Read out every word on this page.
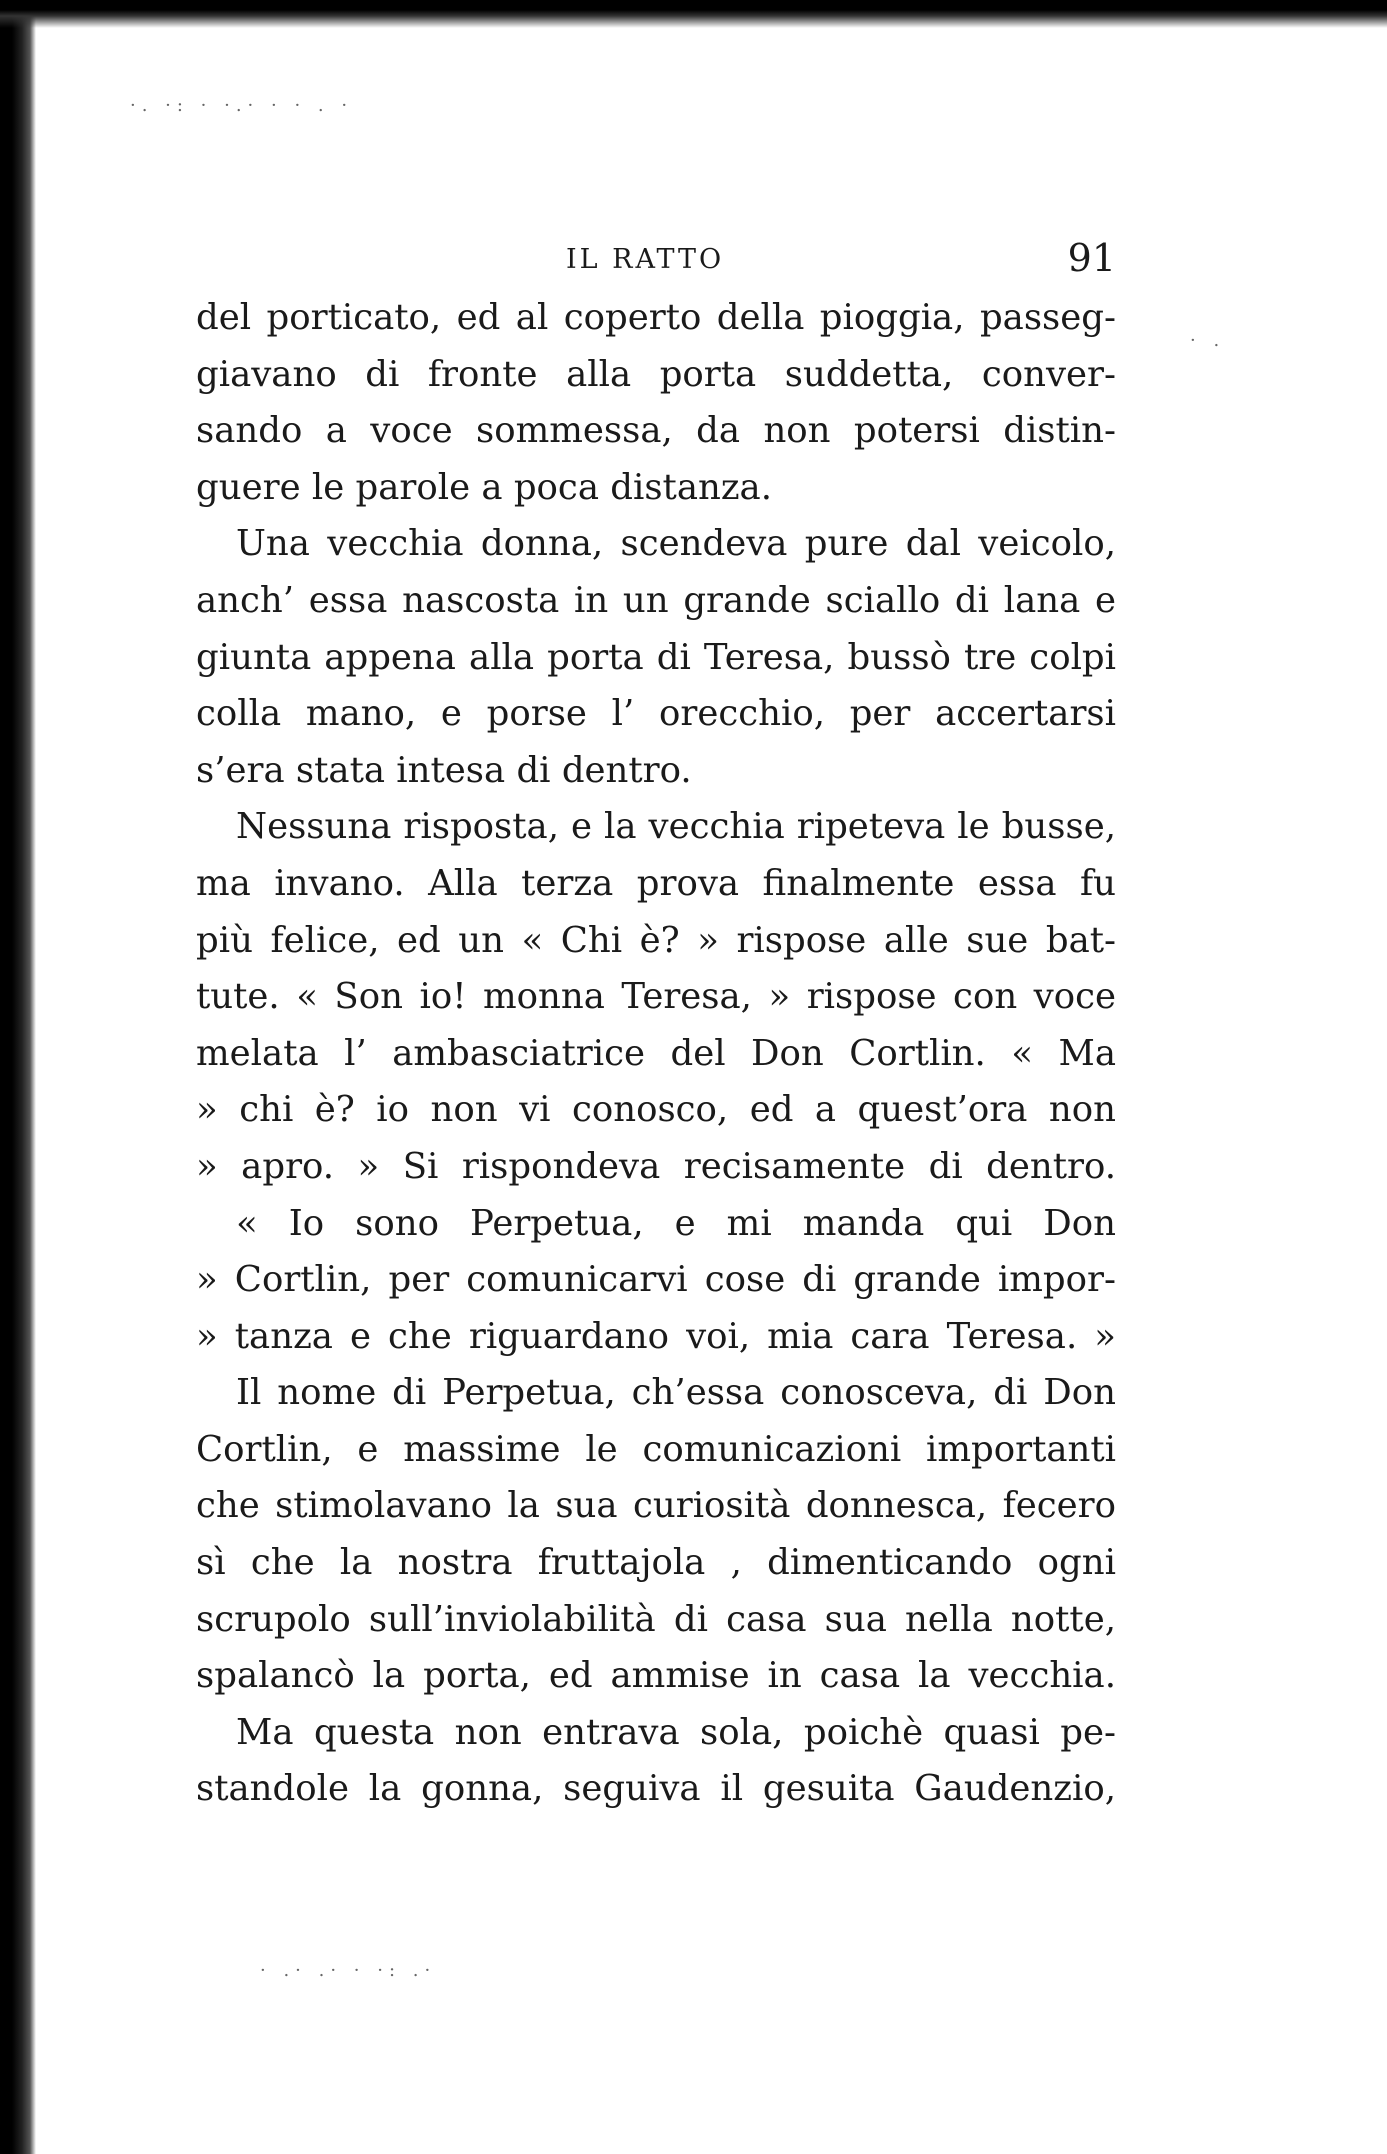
·. ·: · ·.· · · . ·
· .
· .· .· · ·: .·
IL RATTO	91
del porticato, ed al coperto della pioggia, passeg-
giavano di fronte alla porta suddetta, conver-
sando a voce sommessa, da non potersi distin-
guere le parole a poca distanza.
Una vecchia donna, scendeva pure dal veicolo,
anch’ essa nascosta in un grande sciallo di lana e
giunta appena alla porta di Teresa, bussò tre colpi
colla mano, e porse l’ orecchio, per accertarsi
s’era stata intesa di dentro.
Nessuna risposta, e la vecchia ripeteva le busse,
ma invano. Alla terza prova finalmente essa fu
più felice, ed un « Chi è? » rispose alle sue bat-
tute. « Son io! monna Teresa, » rispose con voce
melata l’ ambasciatrice del Don Cortlin. « Ma
» chi è? io non vi conosco, ed a quest’ora non
» apro. » Si rispondeva recisamente di dentro.
« Io sono Perpetua, e mi manda qui Don
» Cortlin, per comunicarvi cose di grande impor-
» tanza e che riguardano voi, mia cara Teresa. »
Il nome di Perpetua, ch’essa conosceva, di Don
Cortlin, e massime le comunicazioni importanti
che stimolavano la sua curiosità donnesca, fecero
sì che la nostra fruttajola , dimenticando ogni
scrupolo sull’inviolabilità di casa sua nella notte,
spalancò la porta, ed ammise in casa la vecchia.
Ma questa non entrava sola, poichè quasi pe-
standole la gonna, seguiva il gesuita Gaudenzio,
